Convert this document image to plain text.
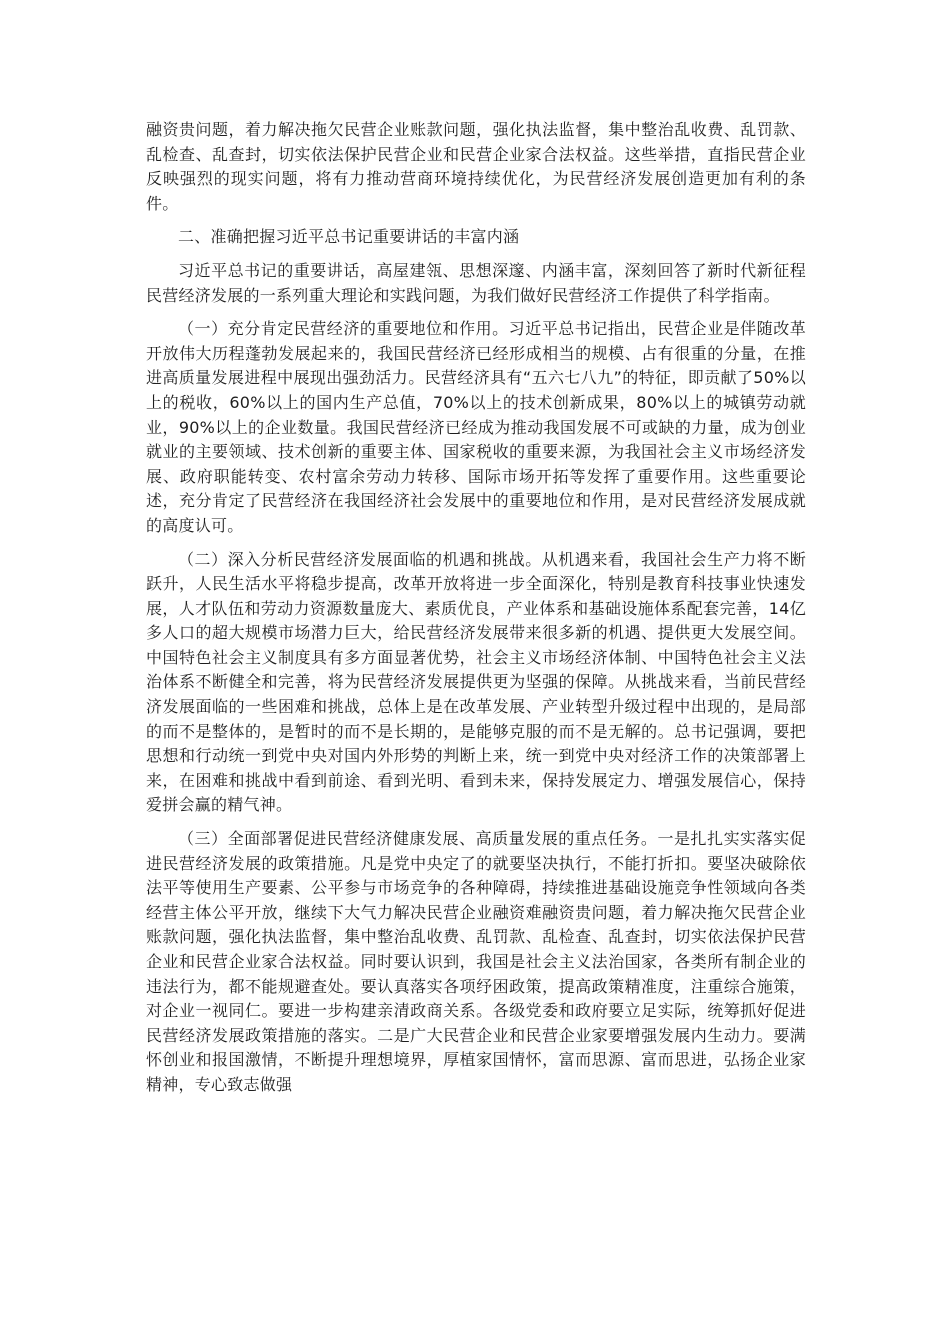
融资贵问题，着力解决拖欠民营企业账款问题，强化执法监督，集中整治乱收费、乱罚款、乱检查、乱查封，切实依法保护民营企业和民营企业家合法权益。这些举措，直指民营企业反映强烈的现实问题，将有力推动营商环境持续优化，为民营经济发展创造更加有利的条件。

二、准确把握习近平总书记重要讲话的丰富内涵

习近平总书记的重要讲话，高屋建瓴、思想深邃、内涵丰富，深刻回答了新时代新征程民营经济发展的一系列重大理论和实践问题，为我们做好民营经济工作提供了科学指南。

（一）充分肯定民营经济的重要地位和作用。习近平总书记指出，民营企业是伴随改革开放伟大历程蓬勃发展起来的，我国民营经济已经形成相当的规模、占有很重的分量，在推进高质量发展进程中展现出强劲活力。民营经济具有“五六七八九”的特征，即贡献了50%以上的税收，60%以上的国内生产总值，70%以上的技术创新成果，80%以上的城镇劳动就业，90%以上的企业数量。我国民营经济已经成为推动我国发展不可或缺的力量，成为创业就业的主要领域、技术创新的重要主体、国家税收的重要来源，为我国社会主义市场经济发展、政府职能转变、农村富余劳动力转移、国际市场开拓等发挥了重要作用。这些重要论述，充分肯定了民营经济在我国经济社会发展中的重要地位和作用，是对民营经济发展成就的高度认可。

（二）深入分析民营经济发展面临的机遇和挑战。从机遇来看，我国社会生产力将不断跃升，人民生活水平将稳步提高，改革开放将进一步全面深化，特别是教育科技事业快速发展，人才队伍和劳动力资源数量庞大、素质优良，产业体系和基础设施体系配套完善，14亿多人口的超大规模市场潜力巨大，给民营经济发展带来很多新的机遇、提供更大发展空间。中国特色社会主义制度具有多方面显著优势，社会主义市场经济体制、中国特色社会主义法治体系不断健全和完善，将为民营经济发展提供更为坚强的保障。从挑战来看，当前民营经济发展面临的一些困难和挑战，总体上是在改革发展、产业转型升级过程中出现的，是局部的而不是整体的，是暂时的而不是长期的，是能够克服的而不是无解的。总书记强调，要把思想和行动统一到党中央对国内外形势的判断上来，统一到党中央对经济工作的决策部署上来，在困难和挑战中看到前途、看到光明、看到未来，保持发展定力、增强发展信心，保持爱拼会赢的精气神。

（三）全面部署促进民营经济健康发展、高质量发展的重点任务。一是扎扎实实落实促进民营经济发展的政策措施。凡是党中央定了的就要坚决执行，不能打折扣。要坚决破除依法平等使用生产要素、公平参与市场竞争的各种障碍，持续推进基础设施竞争性领域向各类经营主体公平开放，继续下大气力解决民营企业融资难融资贵问题，着力解决拖欠民营企业账款问题，强化执法监督，集中整治乱收费、乱罚款、乱检查、乱查封，切实依法保护民营企业和民营企业家合法权益。同时要认识到，我国是社会主义法治国家，各类所有制企业的违法行为，都不能规避查处。要认真落实各项纾困政策，提高政策精准度，注重综合施策，对企业一视同仁。要进一步构建亲清政商关系。各级党委和政府要立足实际，统筹抓好促进民营经济发展政策措施的落实。二是广大民营企业和民营企业家要增强发展内生动力。要满怀创业和报国激情，不断提升理想境界，厚植家国情怀，富而思源、富而思进，弘扬企业家精神，专心致志做强
